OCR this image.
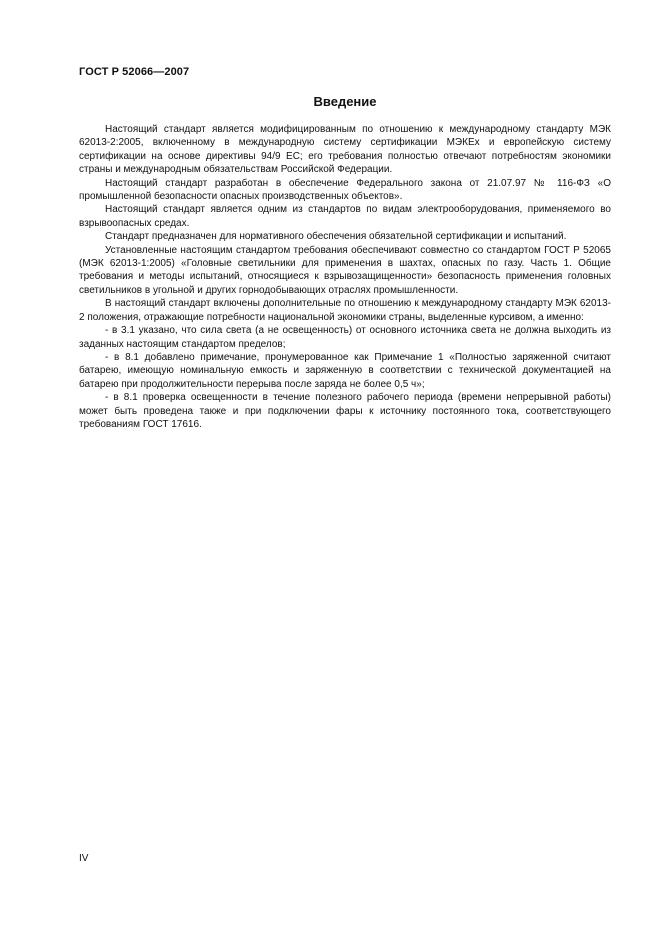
ГОСТ Р 52066—2007
Введение

Настоящий стандарт является модифицированным по отношению к международному стандарту МЭК 62013-2:2005, включенному в международную систему сертификации МЭКEx и европейскую систему сертификации на основе директивы 94/9 ЕС; его требования полностью отвечают потребностям экономики страны и международным обязательствам Российской Федерации.

Настоящий стандарт разработан в обеспечение Федерального закона от 21.07.97 № 116-ФЗ «О промышленной безопасности опасных производственных объектов».

Настоящий стандарт является одним из стандартов по видам электрооборудования, применяемого во взрывоопасных средах.

Стандарт предназначен для нормативного обеспечения обязательной сертификации и испытаний.

Установленные настоящим стандартом требования обеспечивают совместно со стандартом ГОСТ Р 52065 (МЭК 62013-1:2005) «Головные светильники для применения в шахтах, опасных по газу. Часть 1. Общие требования и методы испытаний, относящиеся к взрывозащищенности» безопасность применения головных светильников в угольной и других горнодобывающих отраслях промышленности.

В настоящий стандарт включены дополнительные по отношению к международному стандарту МЭК 62013-2 положения, отражающие потребности национальной экономики страны, выделенные курсивом, а именно:

- в 3.1 указано, что сила света (а не освещенность) от основного источника света не должна выходить из заданных настоящим стандартом пределов;

- в 8.1 добавлено примечание, пронумерованное как Примечание 1 «Полностью заряженной считают батарею, имеющую номинальную емкость и заряженную в соответствии с технической документацией на батарею при продолжительности перерыва после заряда не более 0,5 ч»;

- в 8.1 проверка освещенности в течение полезного рабочего периода (времени непрерывной работы) может быть проведена также и при подключении фары к источнику постоянного тока, соответствующего требованиям ГОСТ 17616.

IV
